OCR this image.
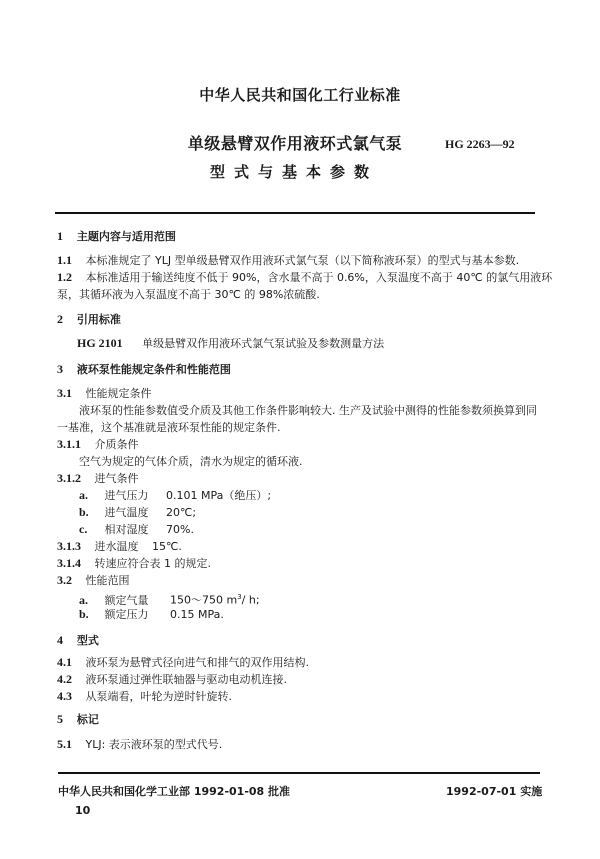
中华人民共和国化工行业标准
单级悬臂双作用液环式氯气泵	HG 2263—92
型式与基本参数
1 主题内容与适用范围
1.1 本标准规定了 YLJ 型单级悬臂双作用液环式氯气泵（以下简称液环泵）的型式与基本参数.
1.2 本标准适用于输送纯度不低于 90%，含水量不高于 0.6%，入泵温度不高于 40℃ 的氯气用液环
泵，其循环液为入泵温度不高于 30℃ 的 98%浓硫酸.
2 引用标准
HG 2101 单级悬臂双作用液环式氯气泵试验及参数测量方法
3 液环泵性能规定条件和性能范围
3.1 性能规定条件
液环泵的性能参数值受介质及其他工作条件影响较大. 生产及试验中测得的性能参数须换算到同
一基准，这个基准就是液环泵性能的规定条件.
3.1.1 介质条件
空气为规定的气体介质，清水为规定的循环液.
3.1.2 进气条件
a. 进气压力 0.101 MPa（绝压）;
b. 进气温度 20℃;
c. 相对湿度 70%.
3.1.3 进水温度 15℃.
3.1.4 转速应符合表 1 的规定.
3.2 性能范围
a. 额定气量 150～750 $m^3/$ h;
b. 额定压力 0.15 MPa.
4 型式
4.1 液环泵为悬臂式径向进气和排气的双作用结构.
4.2 液环泵通过弹性联轴器与驱动电动机连接.
4.3 从泵端看，叶轮为逆时针旋转.
5 标记
5.1 YLJ: 表示液环泵的型式代号.
中华人民共和国化学工业部 1992-01-08 批准	1992-07-01 实施
10
